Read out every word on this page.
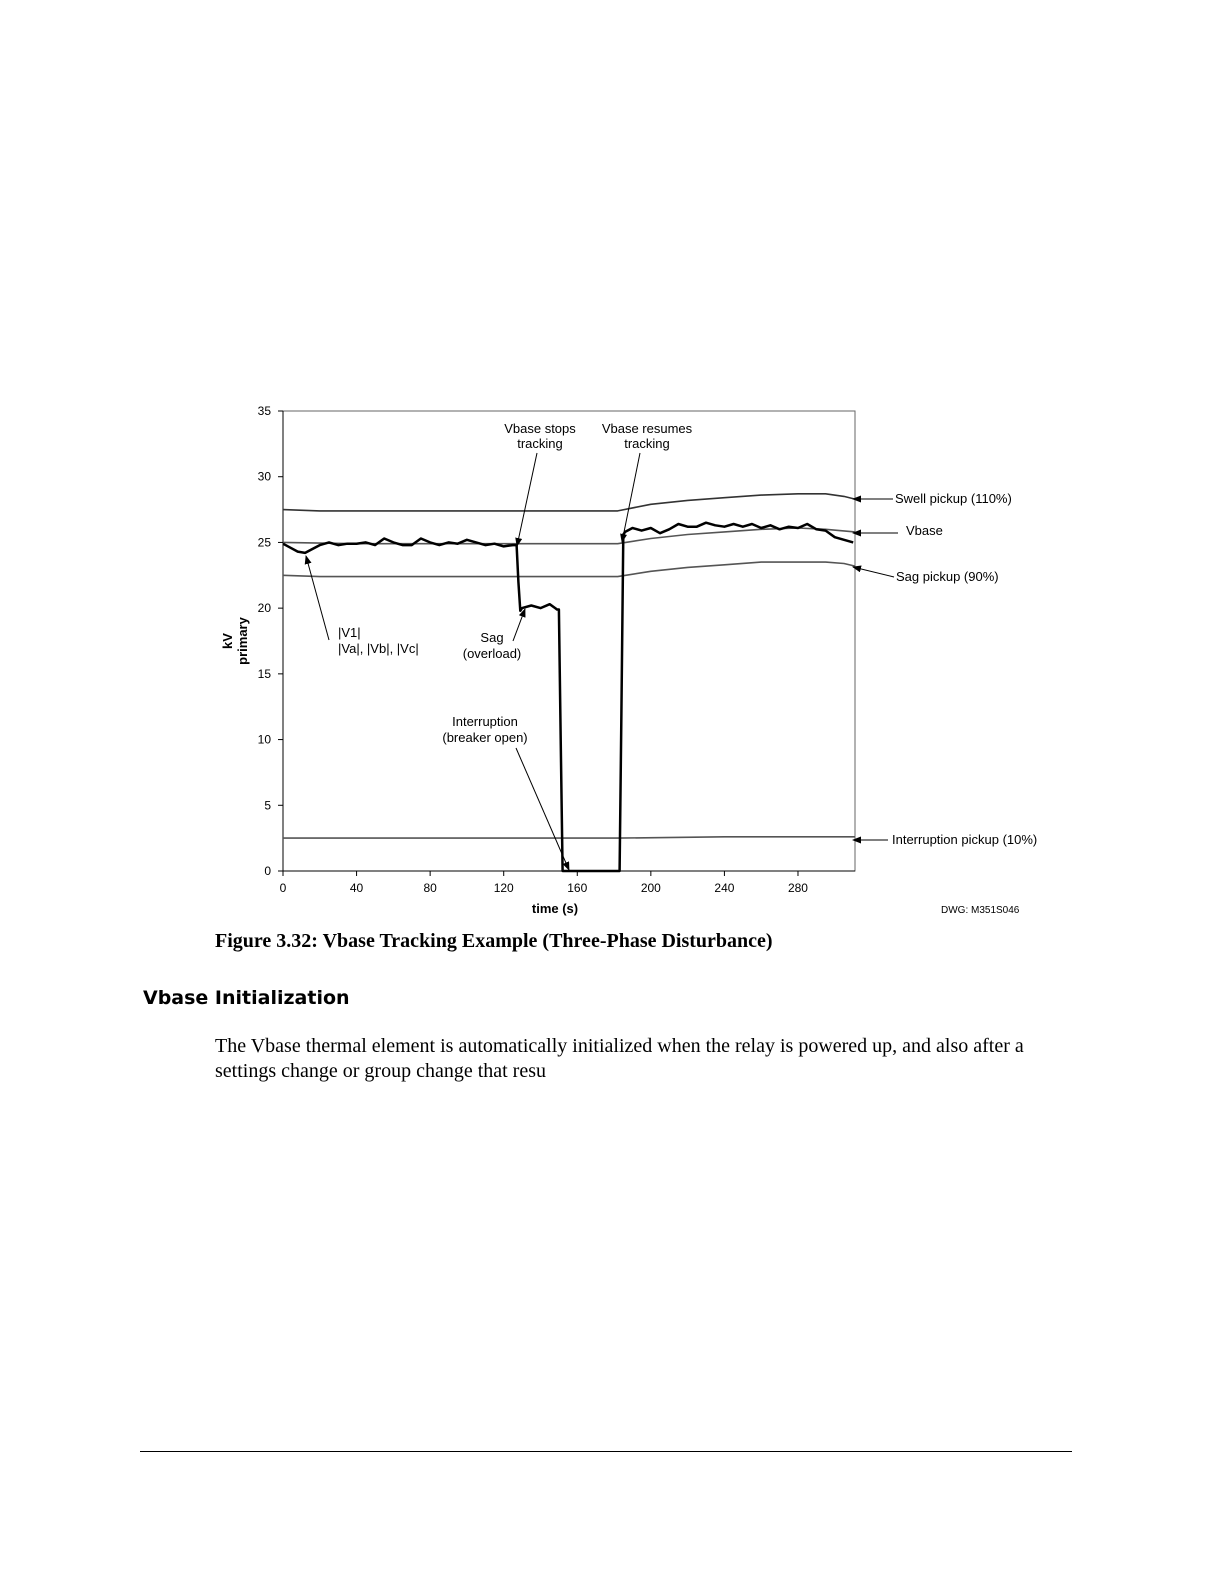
0	40	80	120	160	200	240	280
0
5
10
15
20
25
30
35
time (s)
kV primary
Vbase stops
tracking
Vbase resumes
tracking
|V1|
|Va|, |Vb|, |Vc|
Sag
(overload)
Interruption
(breaker open)
Swell pickup (110%)
Vbase
Sag pickup (90%)
Interruption pickup (10%)
DWG: M351S046
Figure 3.32: Vbase Tracking Example (Three-Phase Disturbance)
Vbase Initialization
The Vbase thermal element is automatically initialized when the relay is powered up, and also after a settings change or group change that resu
